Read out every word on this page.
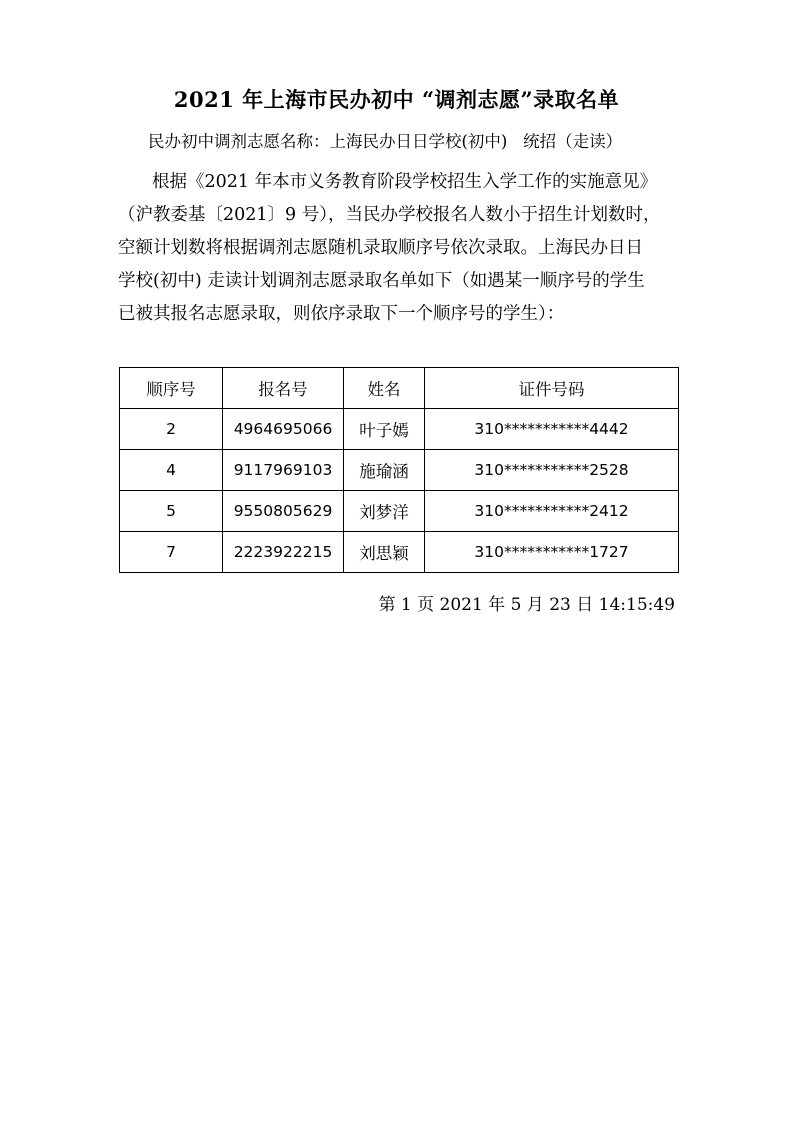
2021 年上海市民办初中 “调剂志愿”录取名单
民办初中调剂志愿名称：上海民办日日学校(初中)   统招（走读）
根据《2021 年本市义务教育阶段学校招生入学工作的实施意见》
（沪教委基〔2021〕9 号），当民办学校报名人数小于招生计划数时，
空额计划数将根据调剂志愿随机录取顺序号依次录取。上海民办日日
学校(初中) 走读计划调剂志愿录取名单如下（如遇某一顺序号的学生
已被其报名志愿录取，则依序录取下一个顺序号的学生）：
顺序号	报名号	姓名	证件号码
2	4964695066	叶子嫣	310***********4442
4	9117969103	施瑜涵	310***********2528
5	9550805629	刘梦洋	310***********2412
7	2223922215	刘思颖	310***********1727
第 1 页 2021 年 5 月 23 日 14:15:49
